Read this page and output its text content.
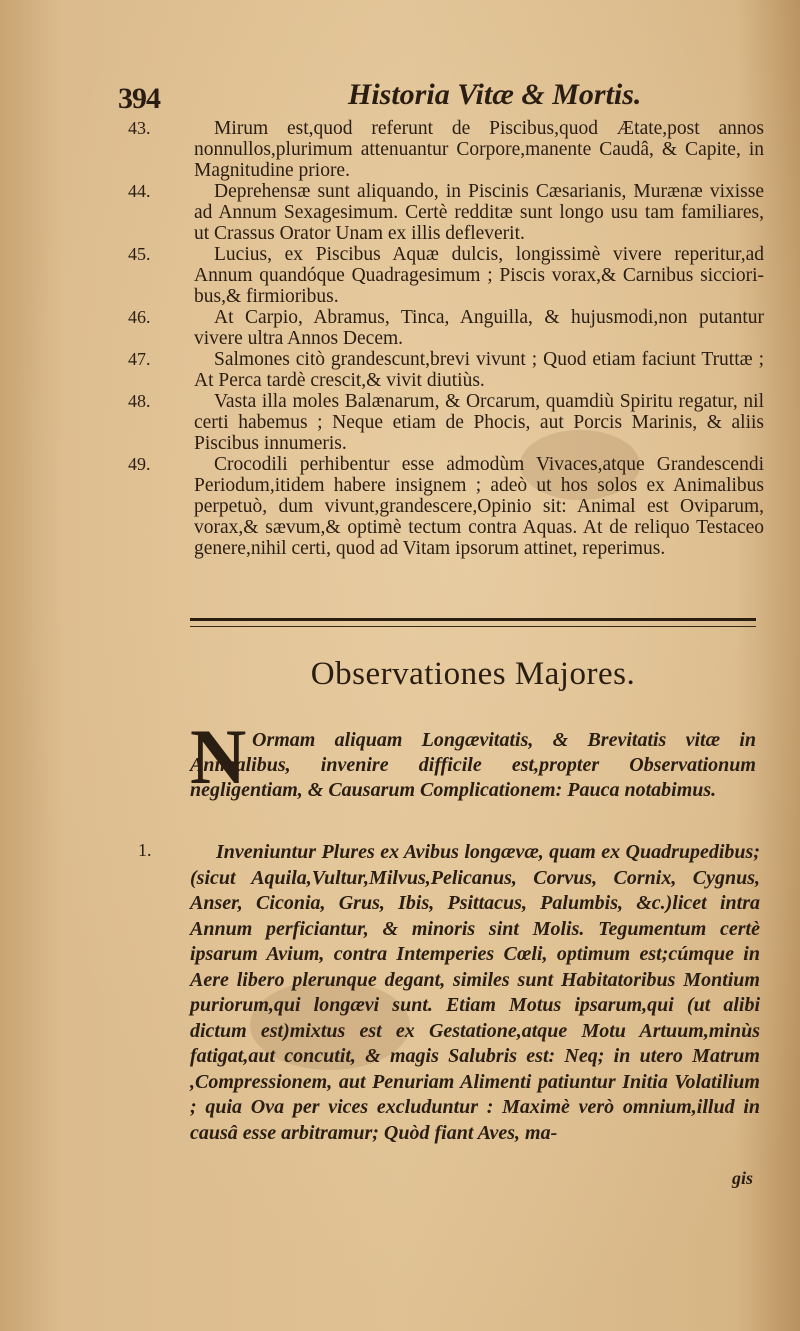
394	Historia Vitæ & Mortis.
43.	Mirum est,quod referunt de Piscibus,quod Ætate,post annos nonnullos,plurimum attenuantur Corpore,manente Caudâ, & Capite, in Magnitudine priore.
44.	Deprehensæ sunt aliquando, in Piscinis Cæsarianis, Murænæ vixisse ad Annum Sexagesimum. Certè redditæ sunt longo usu tam familiares, ut Crassus Orator Unam ex illis defleverit.
45.	Lucius, ex Piscibus Aquæ dulcis, longissimè vivere reperitur,ad Annum quandóque Quadragesimum ; Piscis vorax,& Carnibus sicciori-bus,& firmioribus.
46.	At Carpio, Abramus, Tinca, Anguilla, & hujusmodi,non putantur vivere ultra Annos Decem.
47.	Salmones citò grandescunt,brevi vivunt ; Quod etiam faciunt Truttæ ; At Perca tardè crescit,& vivit diutiùs.
48.	Vasta illa moles Balænarum, & Orcarum, quamdiù Spiritu regatur, nil certi habemus ; Neque etiam de Phocis, aut Porcis Marinis, & aliis Piscibus innumeris.
49.	Crocodili perhibentur esse admodùm Vivaces,atque Grandescendi Periodum,itidem habere insignem ; adeò ut hos solos ex Animalibus perpetuò, dum vivunt,grandescere,Opinio sit: Animal est Oviparum, vorax,& sævum,& optimè tectum contra Aquas. At de reliquo Testaceo genere,nihil certi, quod ad Vitam ipsorum attinet, reperimus.
Observationes Majores.
N Ormam aliquam Longævitatis, & Brevitatis vitæ in Animalibus, invenire difficile est,propter Observationum negligentiam, & Causarum Complicationem: Pauca notabimus.
1.	Inveniuntur Plures ex Avibus longævæ, quam ex Quadrupedibus;(sicut Aquila,Vultur,Milvus,Pelicanus, Corvus, Cornix, Cygnus, Anser, Ciconia, Grus, Ibis, Psittacus, Palumbis, &c.)licet intra Annum perficiantur, & minoris sint Molis. Tegumentum certè ipsarum Avium, contra Intemperies Cœli, optimum est;cúmque in Aere libero plerunque degant, similes sunt Habitatoribus Montium puriorum,qui longævi sunt. Etiam Motus ipsarum,qui (ut alibi dictum est)mixtus est ex Gestatione,atque Motu Artuum,minùs fatigat,aut concutit, & magis Salubris est: Neq; in utero Matrum ,Compressionem, aut Penuriam Alimenti patiuntur Initia Volatilium ; quia Ova per vices excluduntur : Maximè verò omnium,illud in causâ esse arbitramur; Quòd fiant Aves, ma-
gis
